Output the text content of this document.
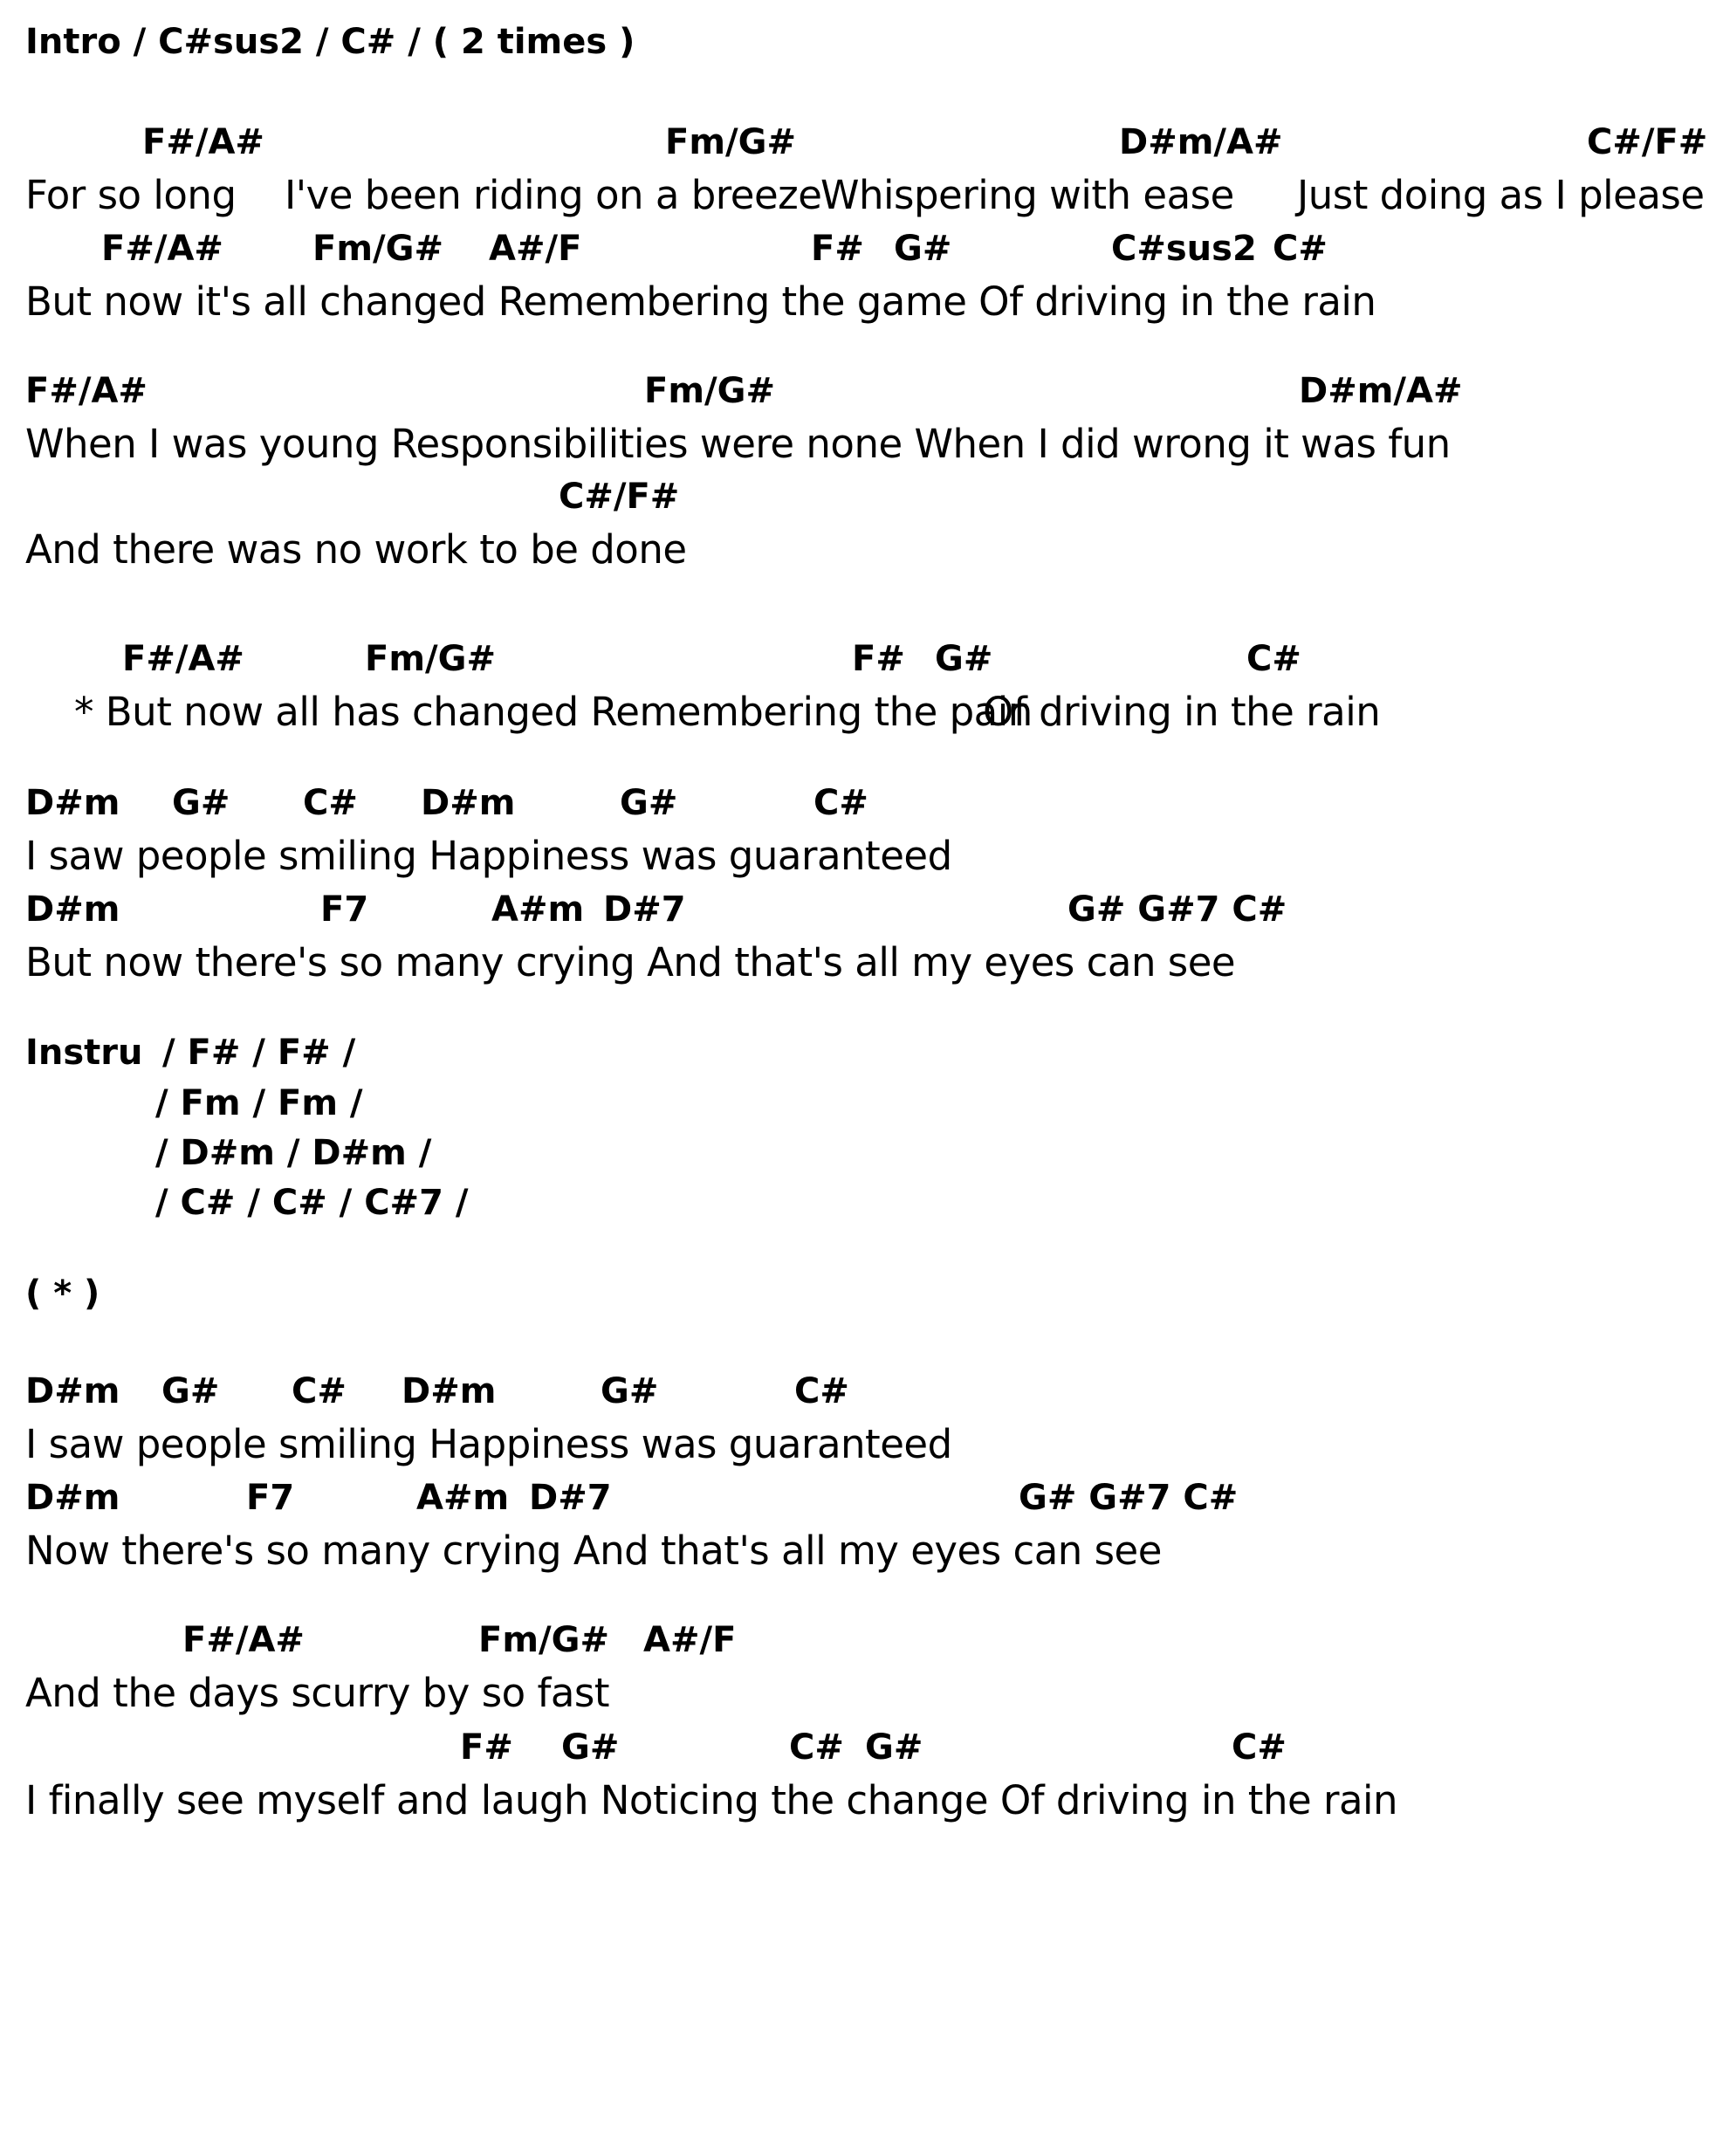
Intro / C#sus2 / C# / ( 2 times )
F#/A#	Fm/G#	D#m/A#	C#/F#
For so long I've been riding on a breeze
Whispering with ease Just doing as I please
F#/A#	Fm/G# A#/F	F# G#	C#sus2 C#
But now it's all changed Remembering the game Of driving in the rain
F#/A#	Fm/G#	D#m/A#
When I was young Responsibilities were none When I did wrong it was fun
C#/F#
And there was no work to be done
F#/A#	Fm/G#	F# G#	C#
* But now all has changed Remembering the pain
Of driving in the rain
D#m G# C# D#m	G#	C#
I saw people smiling Happiness was guaranteed
D#m	F7	A#m D#7	G# G#7 C#
But now there's so many crying And that's all my eyes can see
Instru / F# / F# /
/ Fm / Fm /
/ D#m / D#m /
/ C# / C# / C#7 /
( * )
D#m G# C# D#m	G#	C#
I saw people smiling Happiness was guaranteed
D#m	F7	A#m D#7	G# G#7 C#
Now there's so many crying And that's all my eyes can see
F#/A#	Fm/G# A#/F
And the days scurry by so fast
F# G#	C# G#	C#
I finally see myself and laugh Noticing the change Of driving in the rain
